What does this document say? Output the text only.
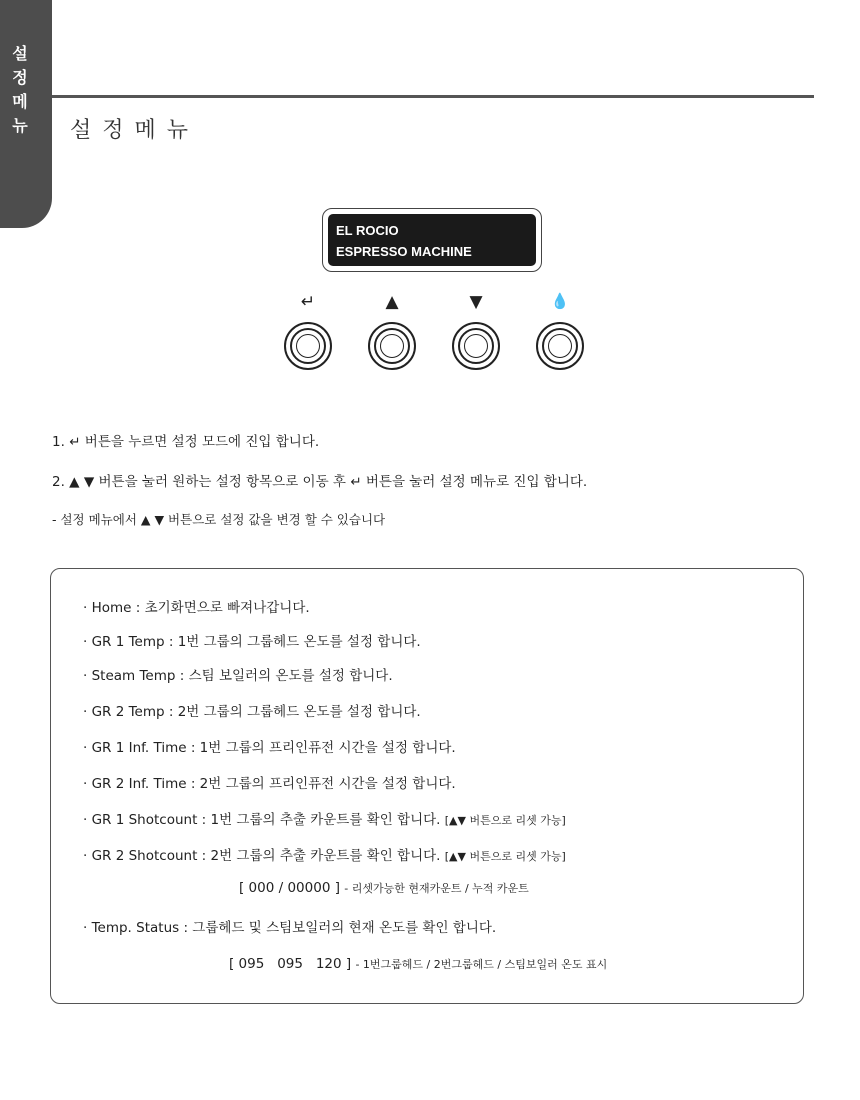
설
정
메
뉴	설정메뉴
EL ROCIO
ESPRESSO MACHINE
↵	▲	▼	💧
1. ↵ 버튼을 누르면 설정 모드에 진입 합니다.
2. ▲ ▼ 버튼을 눌러 원하는 설정 항목으로 이동 후 ↵ 버튼을 눌러 설정 메뉴로 진입 합니다.
- 설정 메뉴에서 ▲ ▼ 버튼으로 설정 값을 변경 할 수 있습니다
· Home : 초기화면으로 빠져나갑니다.
· GR 1 Temp : 1번 그룹의 그룹헤드 온도를 설정 합니다.
· Steam Temp : 스팀 보일러의 온도를 설정 합니다.
· GR 2 Temp : 2번 그룹의 그룹헤드 온도를 설정 합니다.
· GR 1 Inf. Time : 1번 그룹의 프리인퓨전 시간을 설정 합니다.
· GR 2 Inf. Time : 2번 그룹의 프리인퓨전 시간을 설정 합니다.
· GR 1 Shotcount : 1번 그룹의 추출 카운트를 확인 합니다. [▲▼ 버튼으로 리셋 가능]
· GR 2 Shotcount : 2번 그룹의 추출 카운트를 확인 합니다. [▲▼ 버튼으로 리셋 가능]
[ 000 / 00000 ] - 리셋가능한 현재카운트 / 누적 카운트
· Temp. Status : 그룹헤드 및 스팀보일러의 현재 온도를 확인 합니다.
[ 095   095   120 ] - 1번그룹헤드 / 2번그룹헤드 / 스팀보일러 온도 표시
